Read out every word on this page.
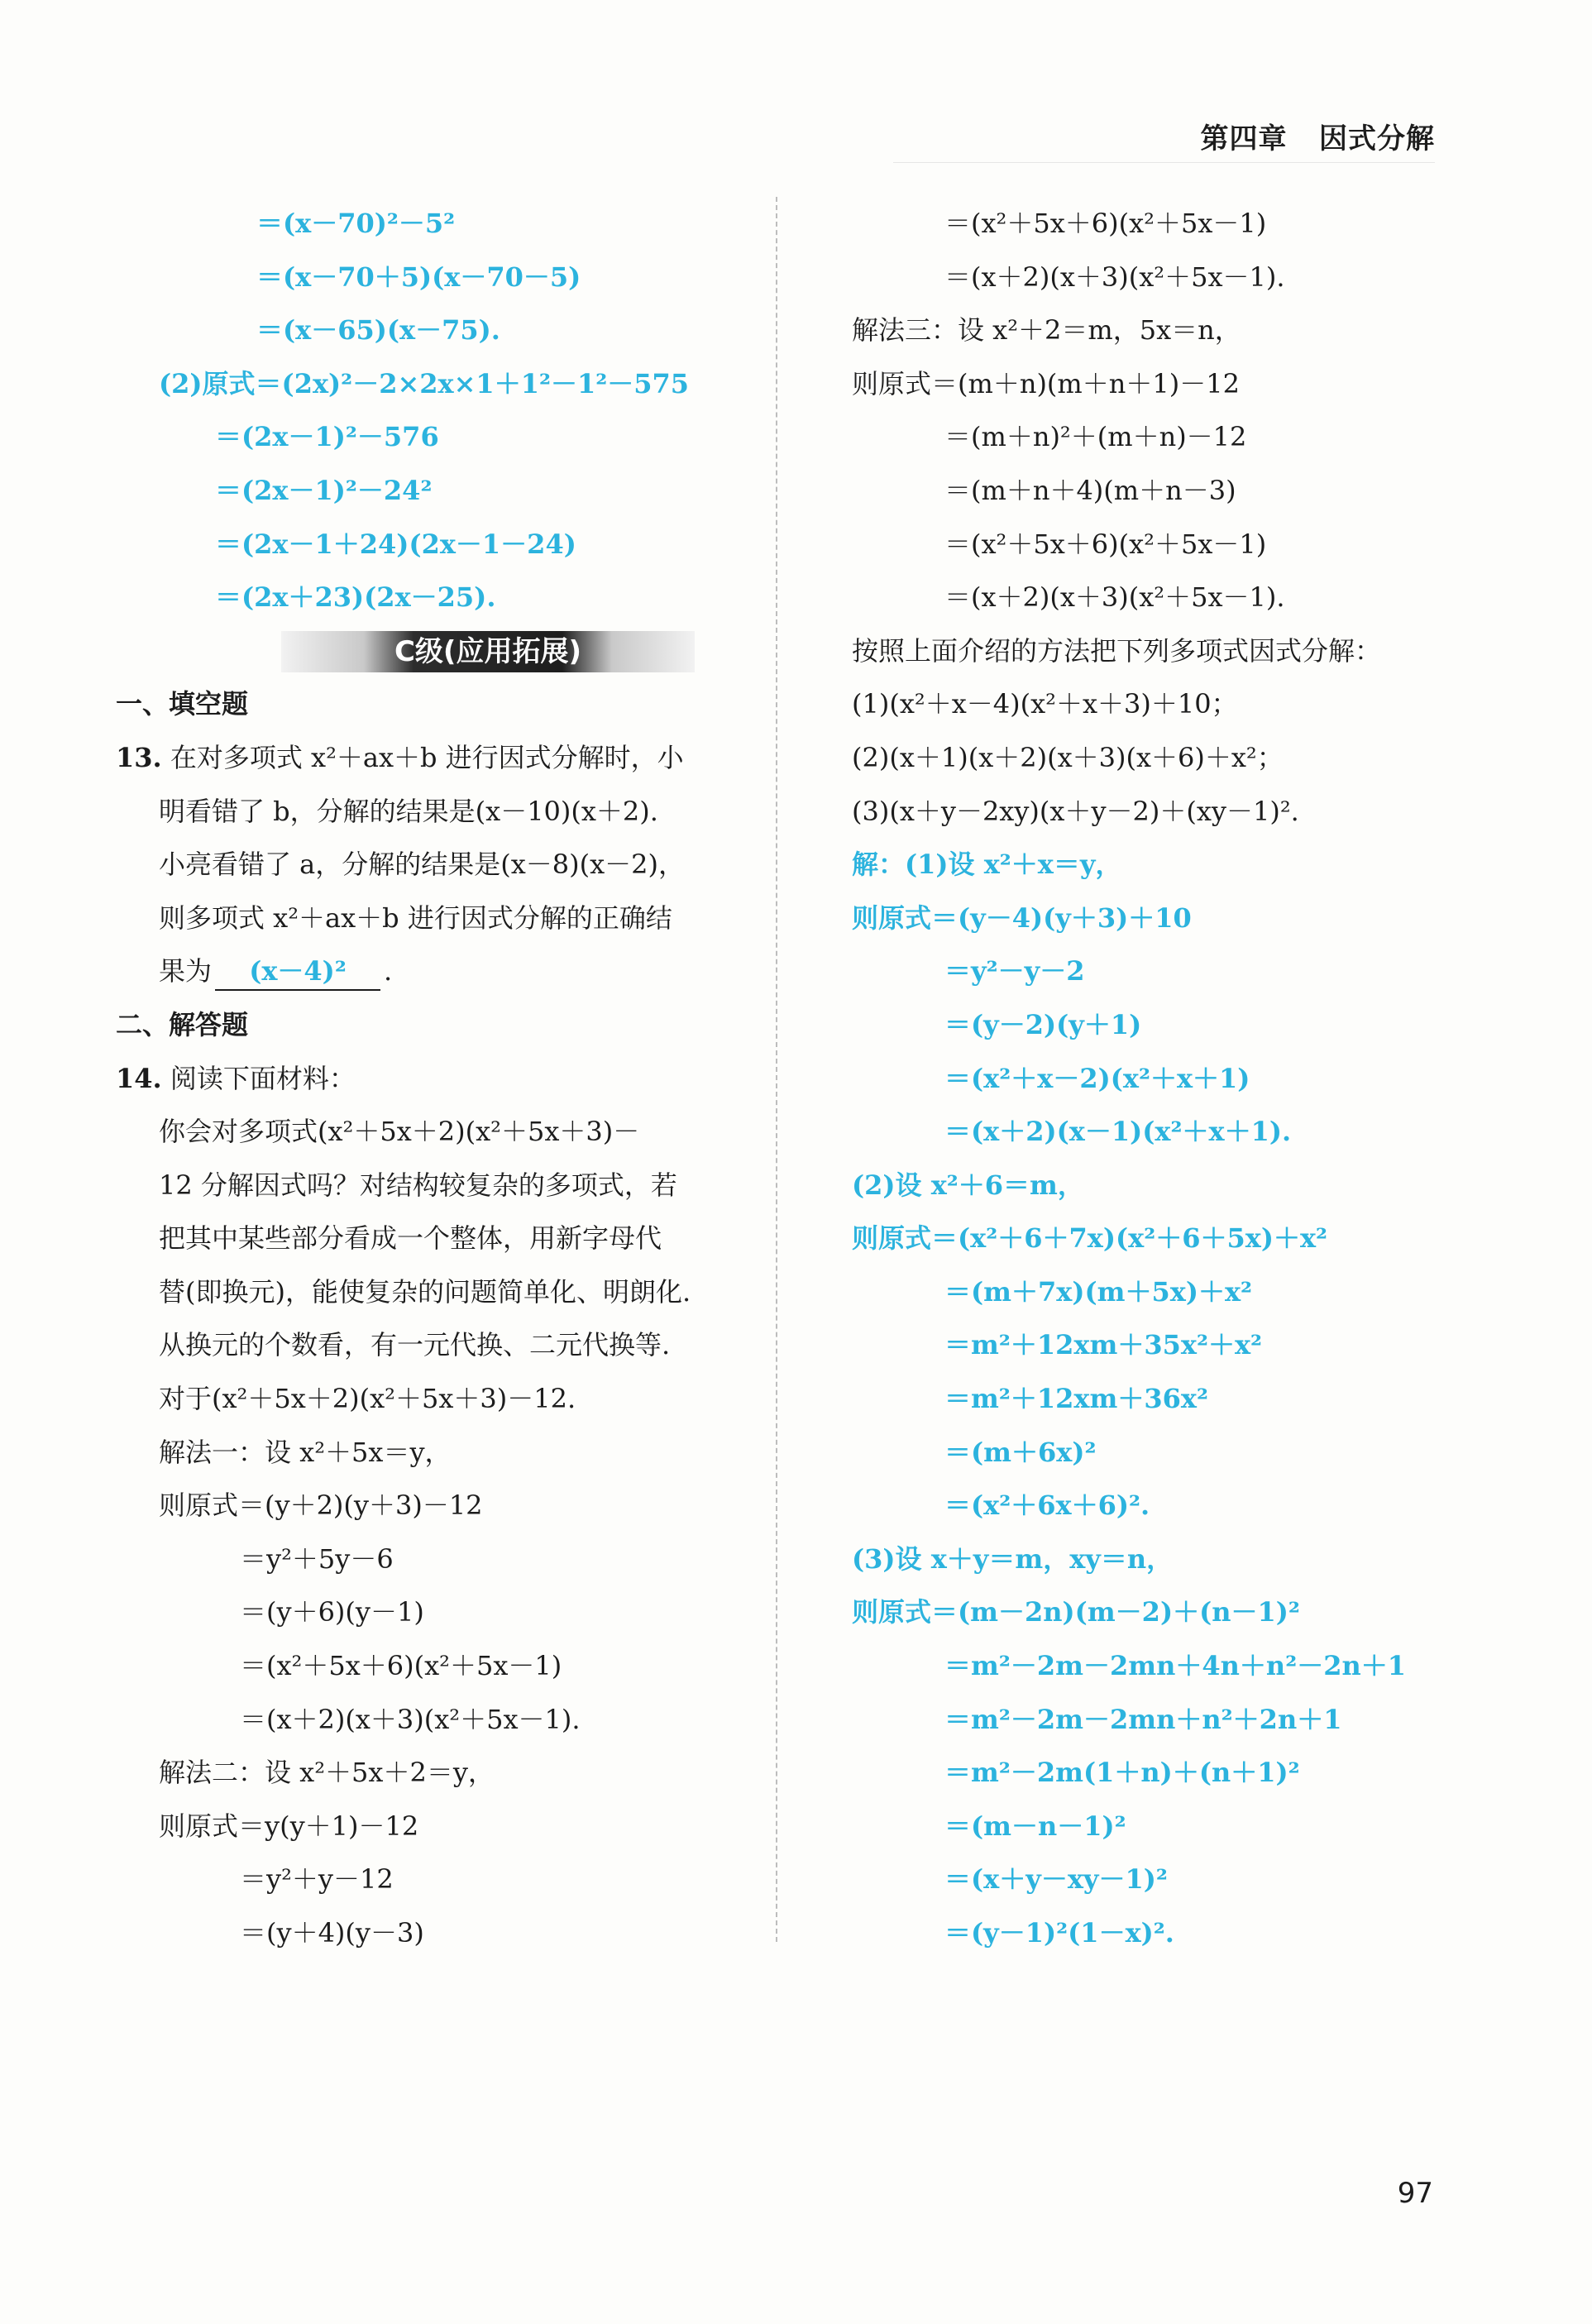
第四章 因式分解
＝(x－70)²－5²
＝(x－70＋5)(x－70－5)
＝(x－65)(x－75).
(2)原式＝(2x)²－2×2x×1＋1²－1²－575
＝(2x－1)²－576
＝(2x－1)²－24²
＝(2x－1＋24)(2x－1－24)
＝(2x＋23)(2x－25).
C级(应用拓展)
一、填空题
13. 在对多项式 x²＋ax＋b 进行因式分解时，小
明看错了 b，分解的结果是(x－10)(x＋2).
小亮看错了 a，分解的结果是(x－8)(x－2)，
则多项式 x²＋ax＋b 进行因式分解的正确结
果为 (x－4)² .
二、解答题
14. 阅读下面材料：
你会对多项式(x²＋5x＋2)(x²＋5x＋3)－
12 分解因式吗？对结构较复杂的多项式，若
把其中某些部分看成一个整体，用新字母代
替(即换元)，能使复杂的问题简单化、明朗化.
从换元的个数看，有一元代换、二元代换等.
对于(x²＋5x＋2)(x²＋5x＋3)－12.
解法一：设 x²＋5x＝y，
则原式＝(y＋2)(y＋3)－12
＝y²＋5y－6
＝(y＋6)(y－1)
＝(x²＋5x＋6)(x²＋5x－1)
＝(x＋2)(x＋3)(x²＋5x－1).
解法二：设 x²＋5x＋2＝y，
则原式＝y(y＋1)－12
＝y²＋y－12
＝(y＋4)(y－3)
＝(x²＋5x＋6)(x²＋5x－1)
＝(x＋2)(x＋3)(x²＋5x－1).
解法三：设 x²＋2＝m，5x＝n，
则原式＝(m＋n)(m＋n＋1)－12
＝(m＋n)²＋(m＋n)－12
＝(m＋n＋4)(m＋n－3)
＝(x²＋5x＋6)(x²＋5x－1)
＝(x＋2)(x＋3)(x²＋5x－1).
按照上面介绍的方法把下列多项式因式分解：
(1)(x²＋x－4)(x²＋x＋3)＋10；
(2)(x＋1)(x＋2)(x＋3)(x＋6)＋x²；
(3)(x＋y－2xy)(x＋y－2)＋(xy－1)².
解：(1)设 x²＋x＝y，
则原式＝(y－4)(y＋3)＋10
＝y²－y－2
＝(y－2)(y＋1)
＝(x²＋x－2)(x²＋x＋1)
＝(x＋2)(x－1)(x²＋x＋1).
(2)设 x²＋6＝m，
则原式＝(x²＋6＋7x)(x²＋6＋5x)＋x²
＝(m＋7x)(m＋5x)＋x²
＝m²＋12xm＋35x²＋x²
＝m²＋12xm＋36x²
＝(m＋6x)²
＝(x²＋6x＋6)².
(3)设 x＋y＝m，xy＝n，
则原式＝(m－2n)(m－2)＋(n－1)²
＝m²－2m－2mn＋4n＋n²－2n＋1
＝m²－2m－2mn＋n²＋2n＋1
＝m²－2m(1＋n)＋(n＋1)²
＝(m－n－1)²
＝(x＋y－xy－1)²
＝(y－1)²(1－x)².
97
